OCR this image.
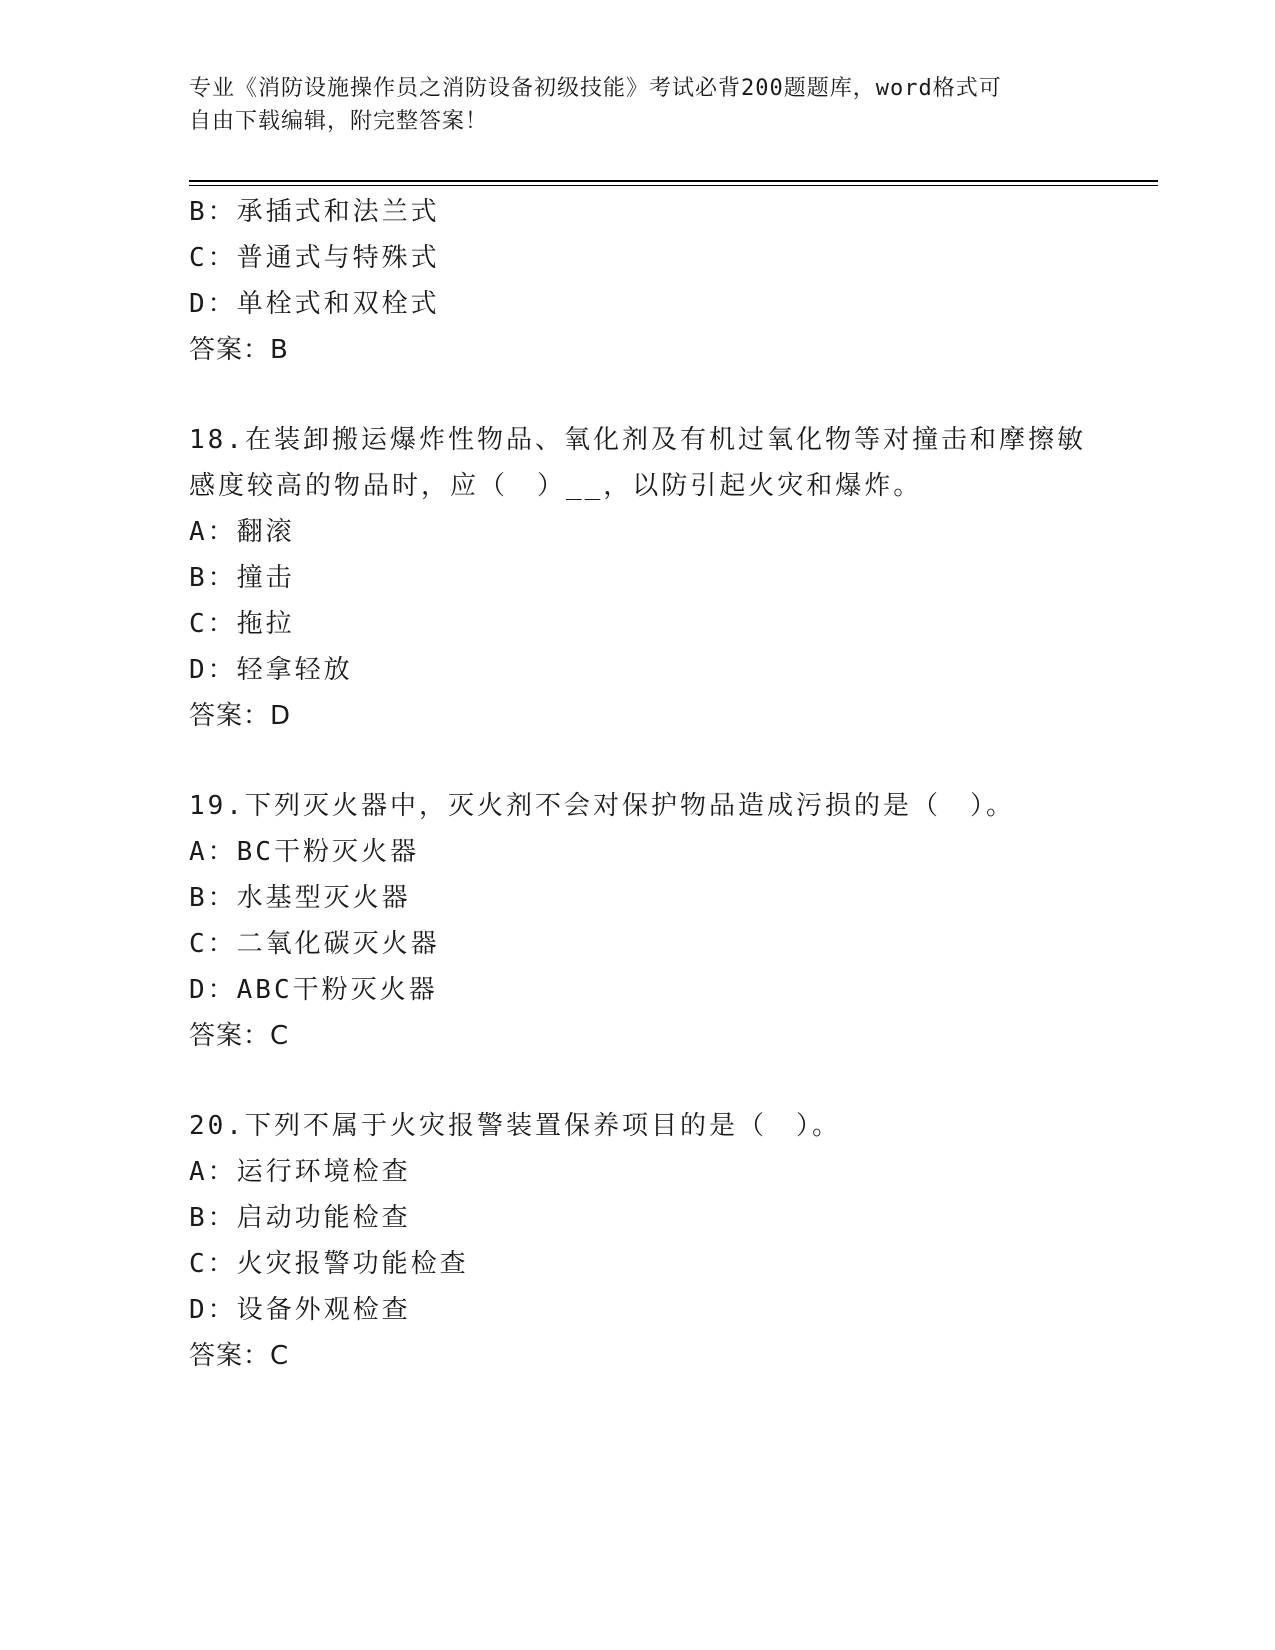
专业《消防设施操作员之消防设备初级技能》考试必背200题题库，word格式可
自由下载编辑，附完整答案！
B：承插式和法兰式
C：普通式与特殊式
D：单栓式和双栓式
答案：B
18.在装卸搬运爆炸性物品、氧化剂及有机过氧化物等对撞击和摩擦敏
感度较高的物品时，应（　）__，以防引起火灾和爆炸。
A：翻滚
B：撞击
C：拖拉
D：轻拿轻放
答案：D
19.下列灭火器中，灭火剂不会对保护物品造成污损的是（　）。
A：BC干粉灭火器
B：水基型灭火器
C：二氧化碳灭火器
D：ABC干粉灭火器
答案：C
20.下列不属于火灾报警装置保养项目的是（　）。
A：运行环境检查
B：启动功能检查
C：火灾报警功能检查
D：设备外观检查
答案：C
